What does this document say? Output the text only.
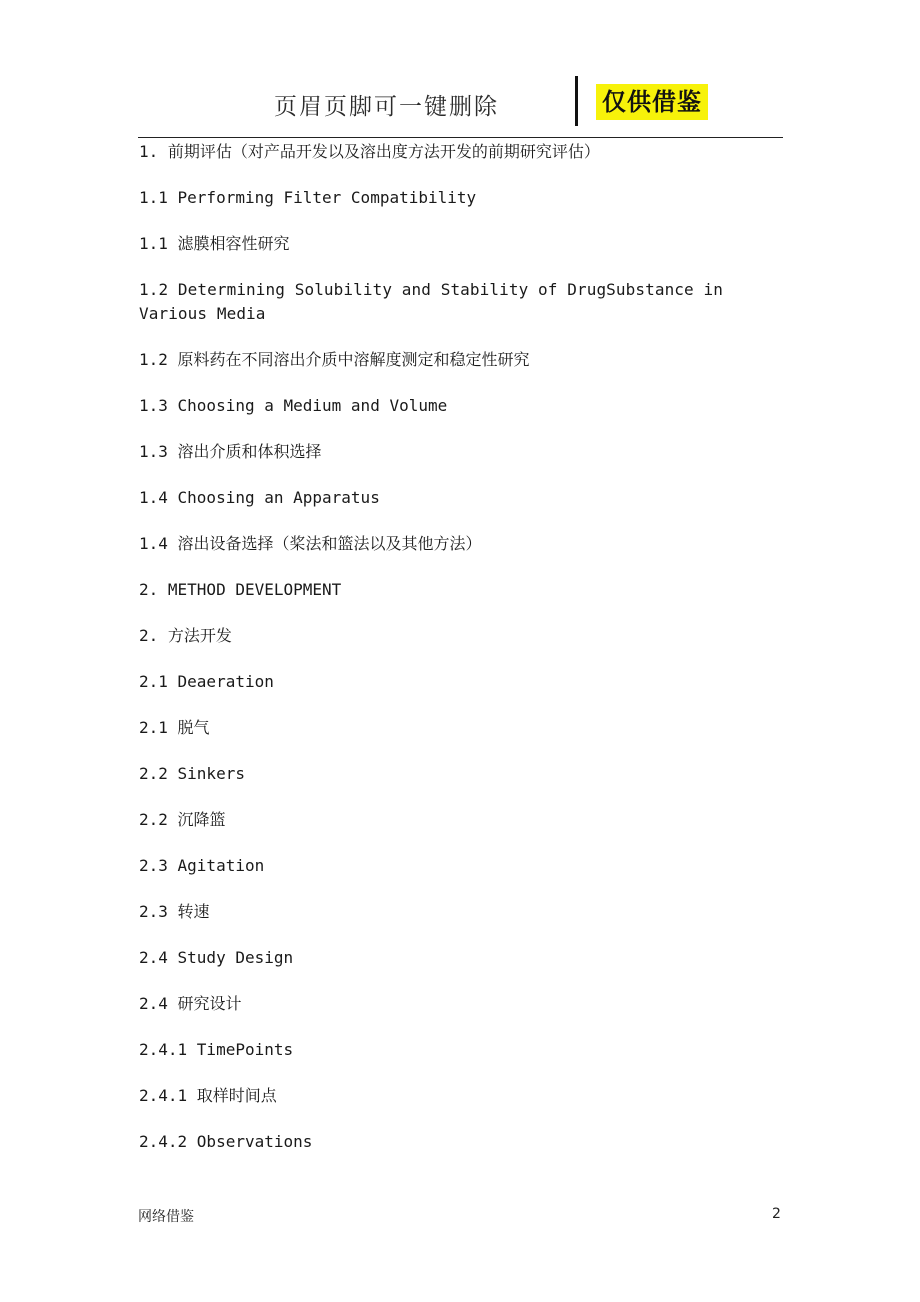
页眉页脚可一键删除	仅供借鉴

1. 前期评估（对产品开发以及溶出度方法开发的前期研究评估）

1.1 Performing Filter Compatibility

1.1 滤膜相容性研究

1.2 Determining Solubility and Stability of DrugSubstance in Various Media

1.2 原料药在不同溶出介质中溶解度测定和稳定性研究

1.3 Choosing a Medium and Volume

1.3 溶出介质和体积选择

1.4 Choosing an Apparatus

1.4 溶出设备选择（桨法和篮法以及其他方法）

2. METHOD DEVELOPMENT

2. 方法开发

2.1 Deaeration

2.1 脱气

2.2 Sinkers

2.2 沉降篮

2.3 Agitation

2.3 转速

2.4 Study Design

2.4 研究设计

2.4.1 TimePoints

2.4.1 取样时间点

2.4.2 Observations

网络借鉴	2
